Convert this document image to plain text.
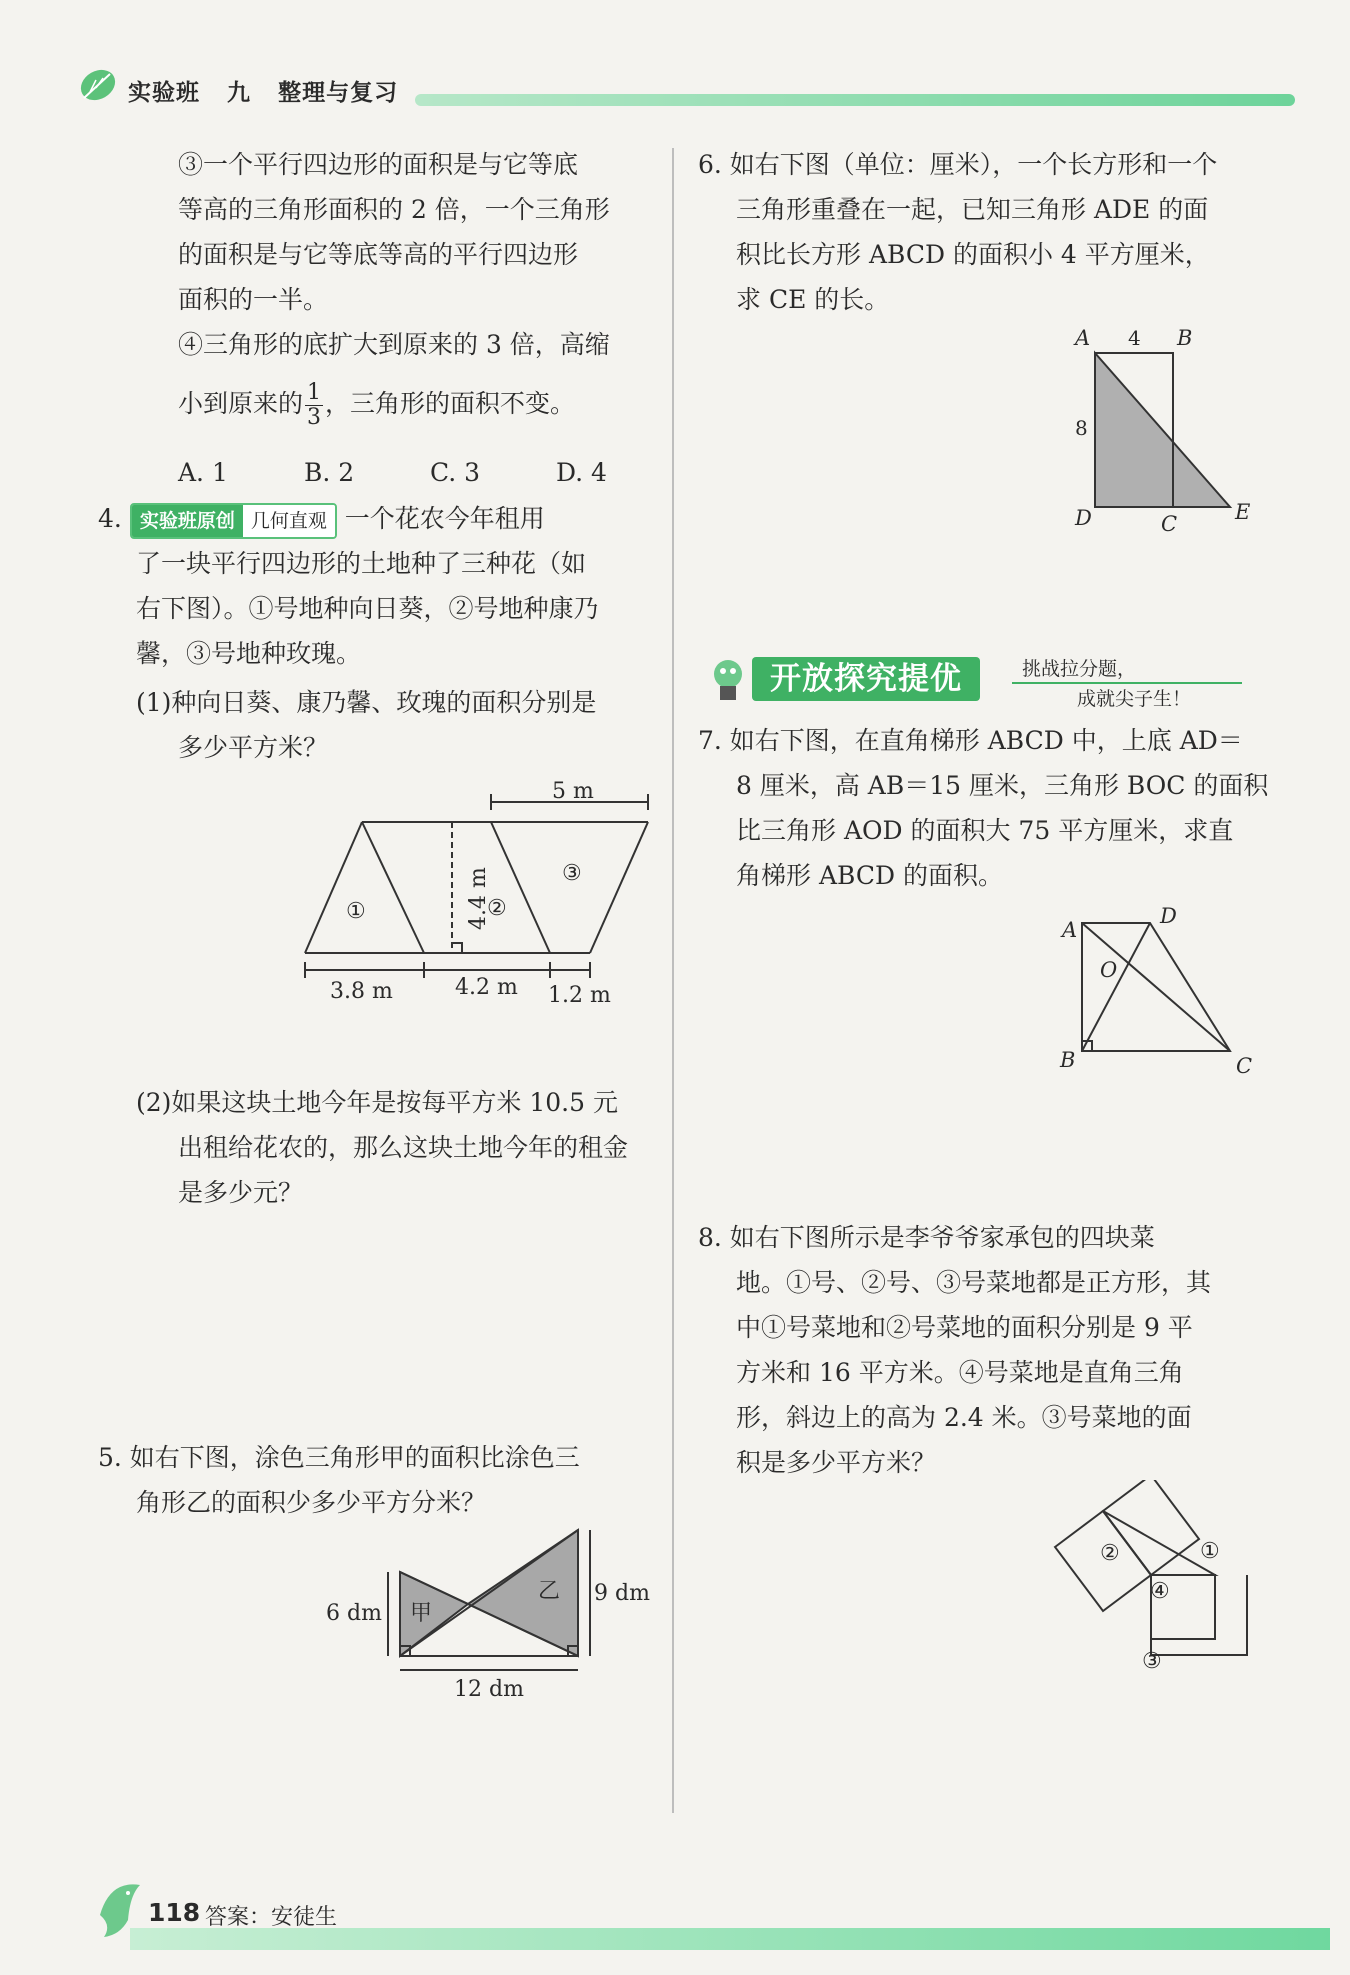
实验班 九 整理与复习
③一个平行四边形的面积是与它等底
等高的三角形面积的 2 倍，一个三角形
的面积是与它等底等高的平行四边形
面积的一半。
④三角形的底扩大到原来的 3 倍，高缩
小到原来的 $\frac{1}{3}$ ，三角形的面积不变。
A. 1	B. 2	C. 3	D. 4
4. 实验班原创 几何直观 一个花农今年租用
了一块平行四边形的土地种了三种花（如
右下图）。①号地种向日葵，②号地种康乃
馨，③号地种玫瑰。
(1)种向日葵、康乃馨、玫瑰的面积分别是
多少平方米？
5 m
3.8 m	4.2 m 1.2 m
4.4 m
①	②
③
(2)如果这块土地今年是按每平方米 10.5 元
出租给花农的，那么这块土地今年的租金
是多少元？
5. 如右下图，涂色三角形甲的面积比涂色三
角形乙的面积少多少平方分米？
6 dm
9 dm
12 dm
甲
乙
6. 如右下图（单位：厘米），一个长方形和一个
三角形重叠在一起，已知三角形 ADE 的面
积比长方形 ABCD 的面积小 4 平方厘米，
求 CE 的长。
A	B
C
D	E
4
8
开放探究提优	挑战拉分题，
成就尖子生！
7. 如右下图，在直角梯形 ABCD 中，上底 AD＝
8 厘米，高 AB＝15 厘米，三角形 BOC 的面积
比三角形 AOD 的面积大 75 平方厘米，求直
角梯形 ABCD 的面积。
A
D
O
B	C
8. 如右下图所示是李爷爷家承包的四块菜
地。①号、②号、③号菜地都是正方形，其
中①号菜地和②号菜地的面积分别是 9 平
方米和 16 平方米。④号菜地是直角三角
形，斜边上的高为 2.4 米。③号菜地的面
积是多少平方米？
②	①
④
③
118 答案：安徒生
